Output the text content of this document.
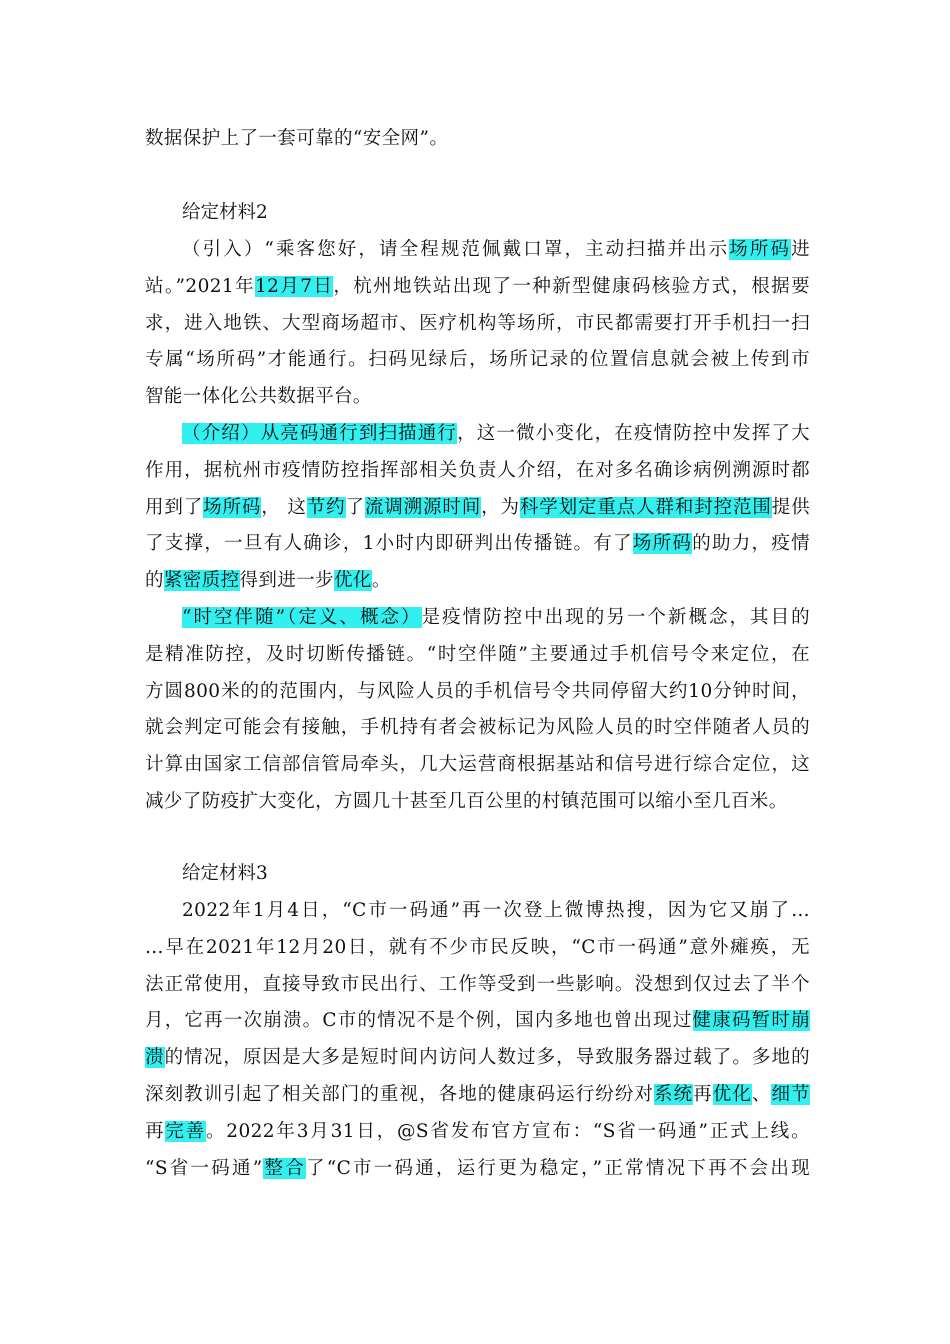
数据保护上了一套可靠的“安全网”。
给定材料2
（引入）“乘客您好，请全程规范佩戴口罩，主动扫描并出示场所码进
站。”2021年12月7日，杭州地铁站出现了一种新型健康码核验方式，根据要
求，进入地铁、大型商场超市、医疗机构等场所，市民都需要打开手机扫一扫
专属“场所码”才能通行。扫码见绿后，场所记录的位置信息就会被上传到市
智能一体化公共数据平台。
（介绍）从亮码通行到扫描通行，这一微小变化，在疫情防控中发挥了大
作用，据杭州市疫情防控指挥部相关负责人介绍，在对多名确诊病例溯源时都
用到了场所码， 这节约了流调溯源时间，为科学划定重点人群和封控范围提供
了支撑，一旦有人确诊，1小时内即研判出传播链。有了场所码的助力，疫情
的紧密质控得到进一步优化。
“时空伴随”（定义、概念）是疫情防控中出现的另一个新概念，其目的
是精准防控，及时切断传播链。“时空伴随”主要通过手机信号令来定位，在
方圆800米的的范围内，与风险人员的手机信号令共同停留大约10分钟时间，
就会判定可能会有接触，手机持有者会被标记为风险人员的时空伴随者人员的
计算由国家工信部信管局牵头，几大运营商根据基站和信号进行综合定位，这
减少了防疫扩大变化，方圆几十甚至几百公里的村镇范围可以缩小至几百米。
给定材料3
2022年1月4日，“C市一码通”再一次登上微博热搜，因为它又崩了…
…早在2021年12月20日，就有不少市民反映，“C市一码通”意外瘫痪，无
法正常使用，直接导致市民出行、工作等受到一些影响。没想到仅过去了半个
月，它再一次崩溃。C市的情况不是个例，国内多地也曾出现过健康码暂时崩
溃的情况，原因是大多是短时间内访问人数过多，导致服务器过载了。多地的
深刻教训引起了相关部门的重视，各地的健康码运行纷纷对系统再优化、细节
再完善。2022年3月31日，@S省发布官方宣布：“S省一码通”正式上线。
“S省一码通”整合了“C市一码通，运行更为稳定，”正常情况下再不会出现
